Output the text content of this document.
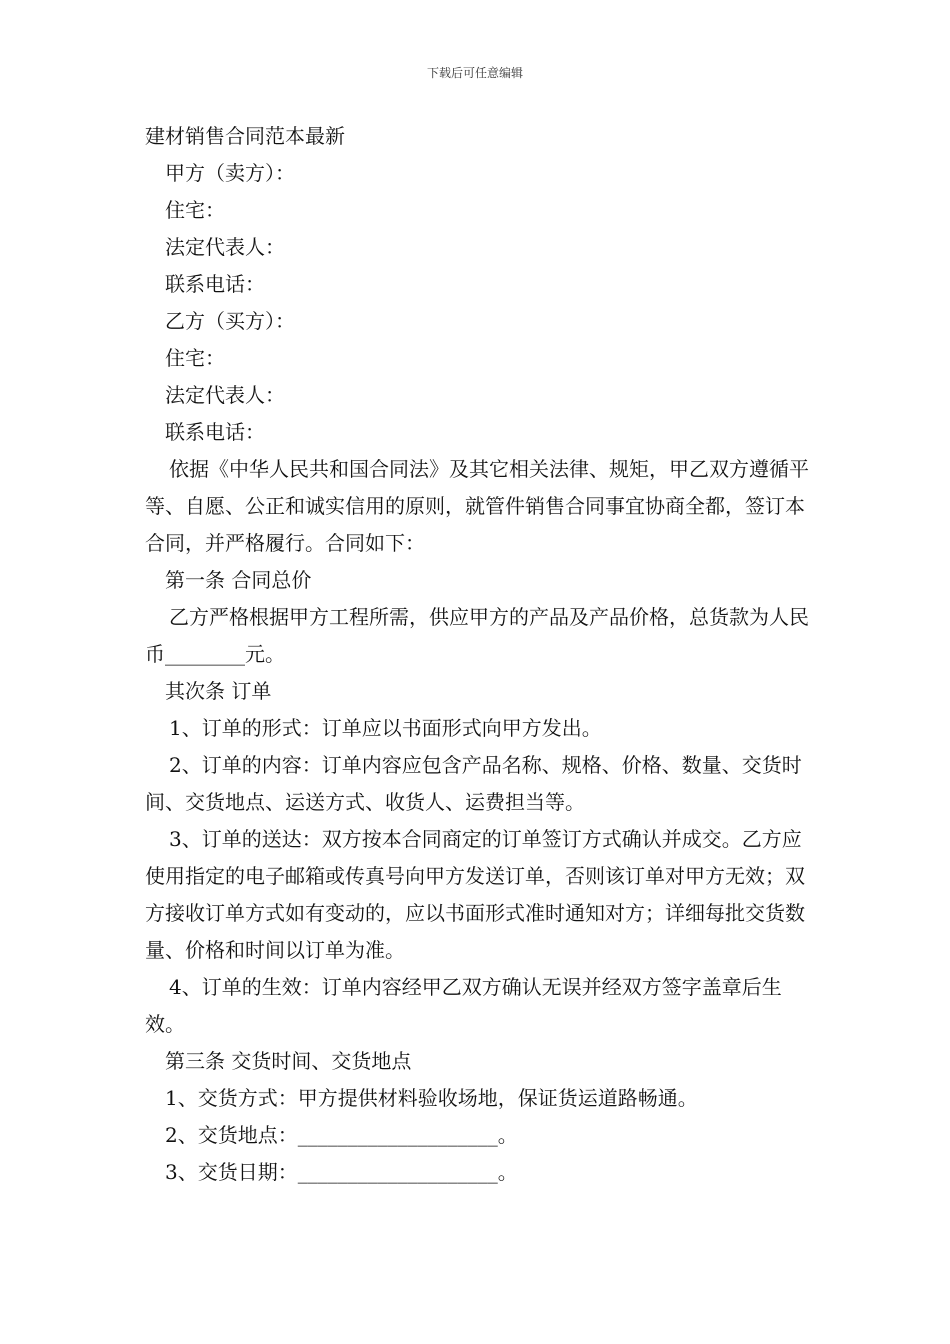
下载后可任意编辑

建材销售合同范本最新

甲方（卖方）：

住宅：

法定代表人：

联系电话：

乙方（买方）：

住宅：

法定代表人：

联系电话：

依据《中华人民共和国合同法》及其它相关法律、规矩，甲乙双方遵循平等、自愿、公正和诚实信用的原则，就管件销售合同事宜协商全都，签订本合同，并严格履行。合同如下：

第一条 合同总价

乙方严格根据甲方工程所需，供应甲方的产品及产品价格，总货款为人民币________元。

其次条 订单

1、订单的形式：订单应以书面形式向甲方发出。

2、订单的内容：订单内容应包含产品名称、规格、价格、数量、交货时间、交货地点、运送方式、收货人、运费担当等。

3、订单的送达：双方按本合同商定的订单签订方式确认并成交。乙方应使用指定的电子邮箱或传真号向甲方发送订单，否则该订单对甲方无效；双方接收订单方式如有变动的，应以书面形式准时通知对方；详细每批交货数量、价格和时间以订单为准。

4、订单的生效：订单内容经甲乙双方确认无误并经双方签字盖章后生效。

第三条 交货时间、交货地点

1、交货方式：甲方提供材料验收场地，保证货运道路畅通。

2、交货地点：____________________。

3、交货日期：____________________。
